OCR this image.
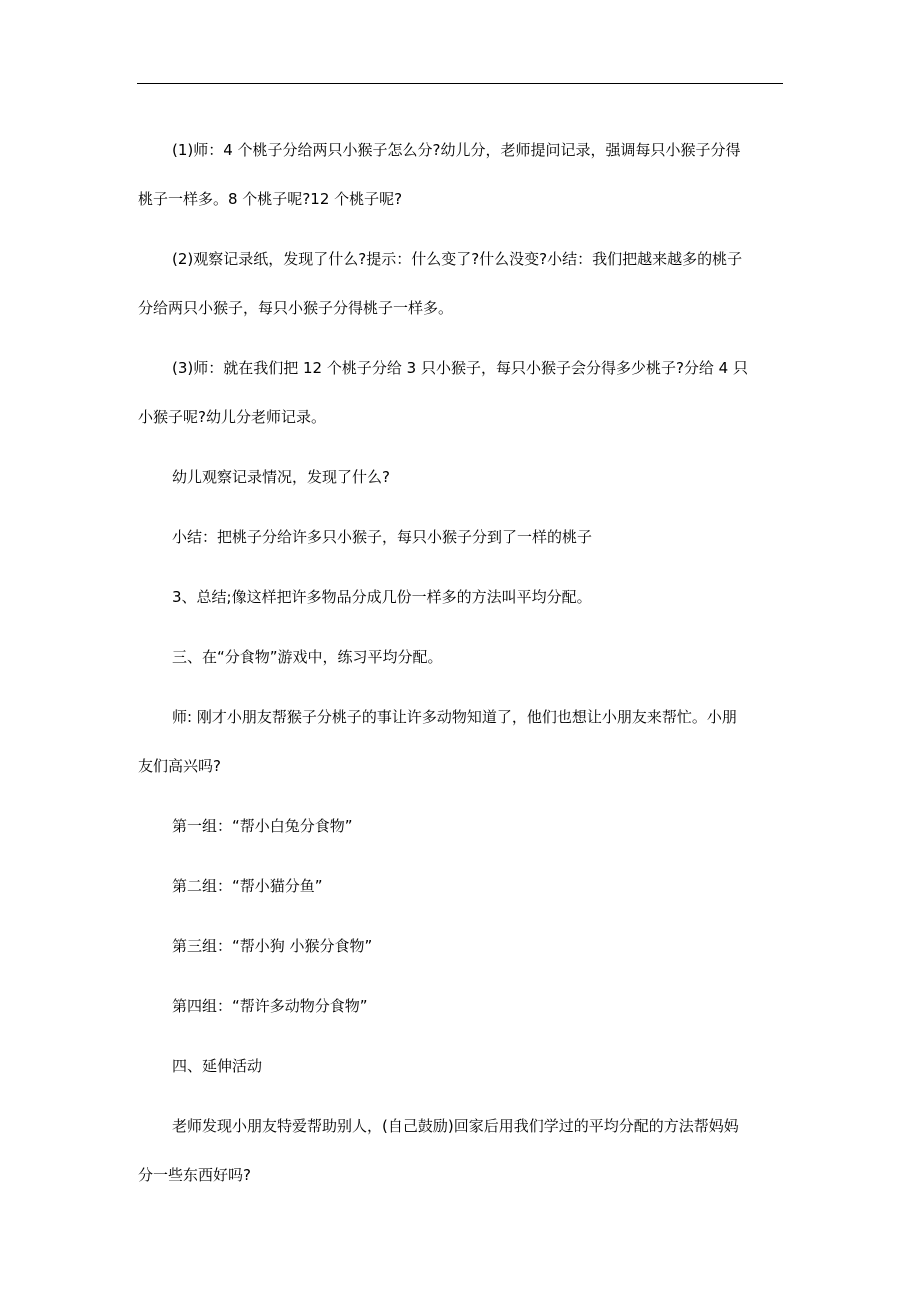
(1)师：4 个桃子分给两只小猴子怎么分?幼儿分，老师提问记录，强调每只小猴子分得
桃子一样多。8 个桃子呢?12 个桃子呢?
(2)观察记录纸，发现了什么?提示：什么变了?什么没变?小结：我们把越来越多的桃子
分给两只小猴子，每只小猴子分得桃子一样多。
(3)师：就在我们把 12 个桃子分给 3 只小猴子，每只小猴子会分得多少桃子?分给 4 只
小猴子呢?幼儿分老师记录。
幼儿观察记录情况，发现了什么?
小结：把桃子分给许多只小猴子，每只小猴子分到了一样的桃子
3、总结;像这样把许多物品分成几份一样多的方法叫平均分配。
三、在“分食物”游戏中，练习平均分配。
师: 刚才小朋友帮猴子分桃子的事让许多动物知道了，他们也想让小朋友来帮忙。小朋
友们高兴吗?
第一组：“帮小白兔分食物”
第二组：“帮小猫分鱼”
第三组：“帮小狗 小猴分食物”
第四组：“帮许多动物分食物”
四、延伸活动
老师发现小朋友特爱帮助别人，(自己鼓励)回家后用我们学过的平均分配的方法帮妈妈
分一些东西好吗?
